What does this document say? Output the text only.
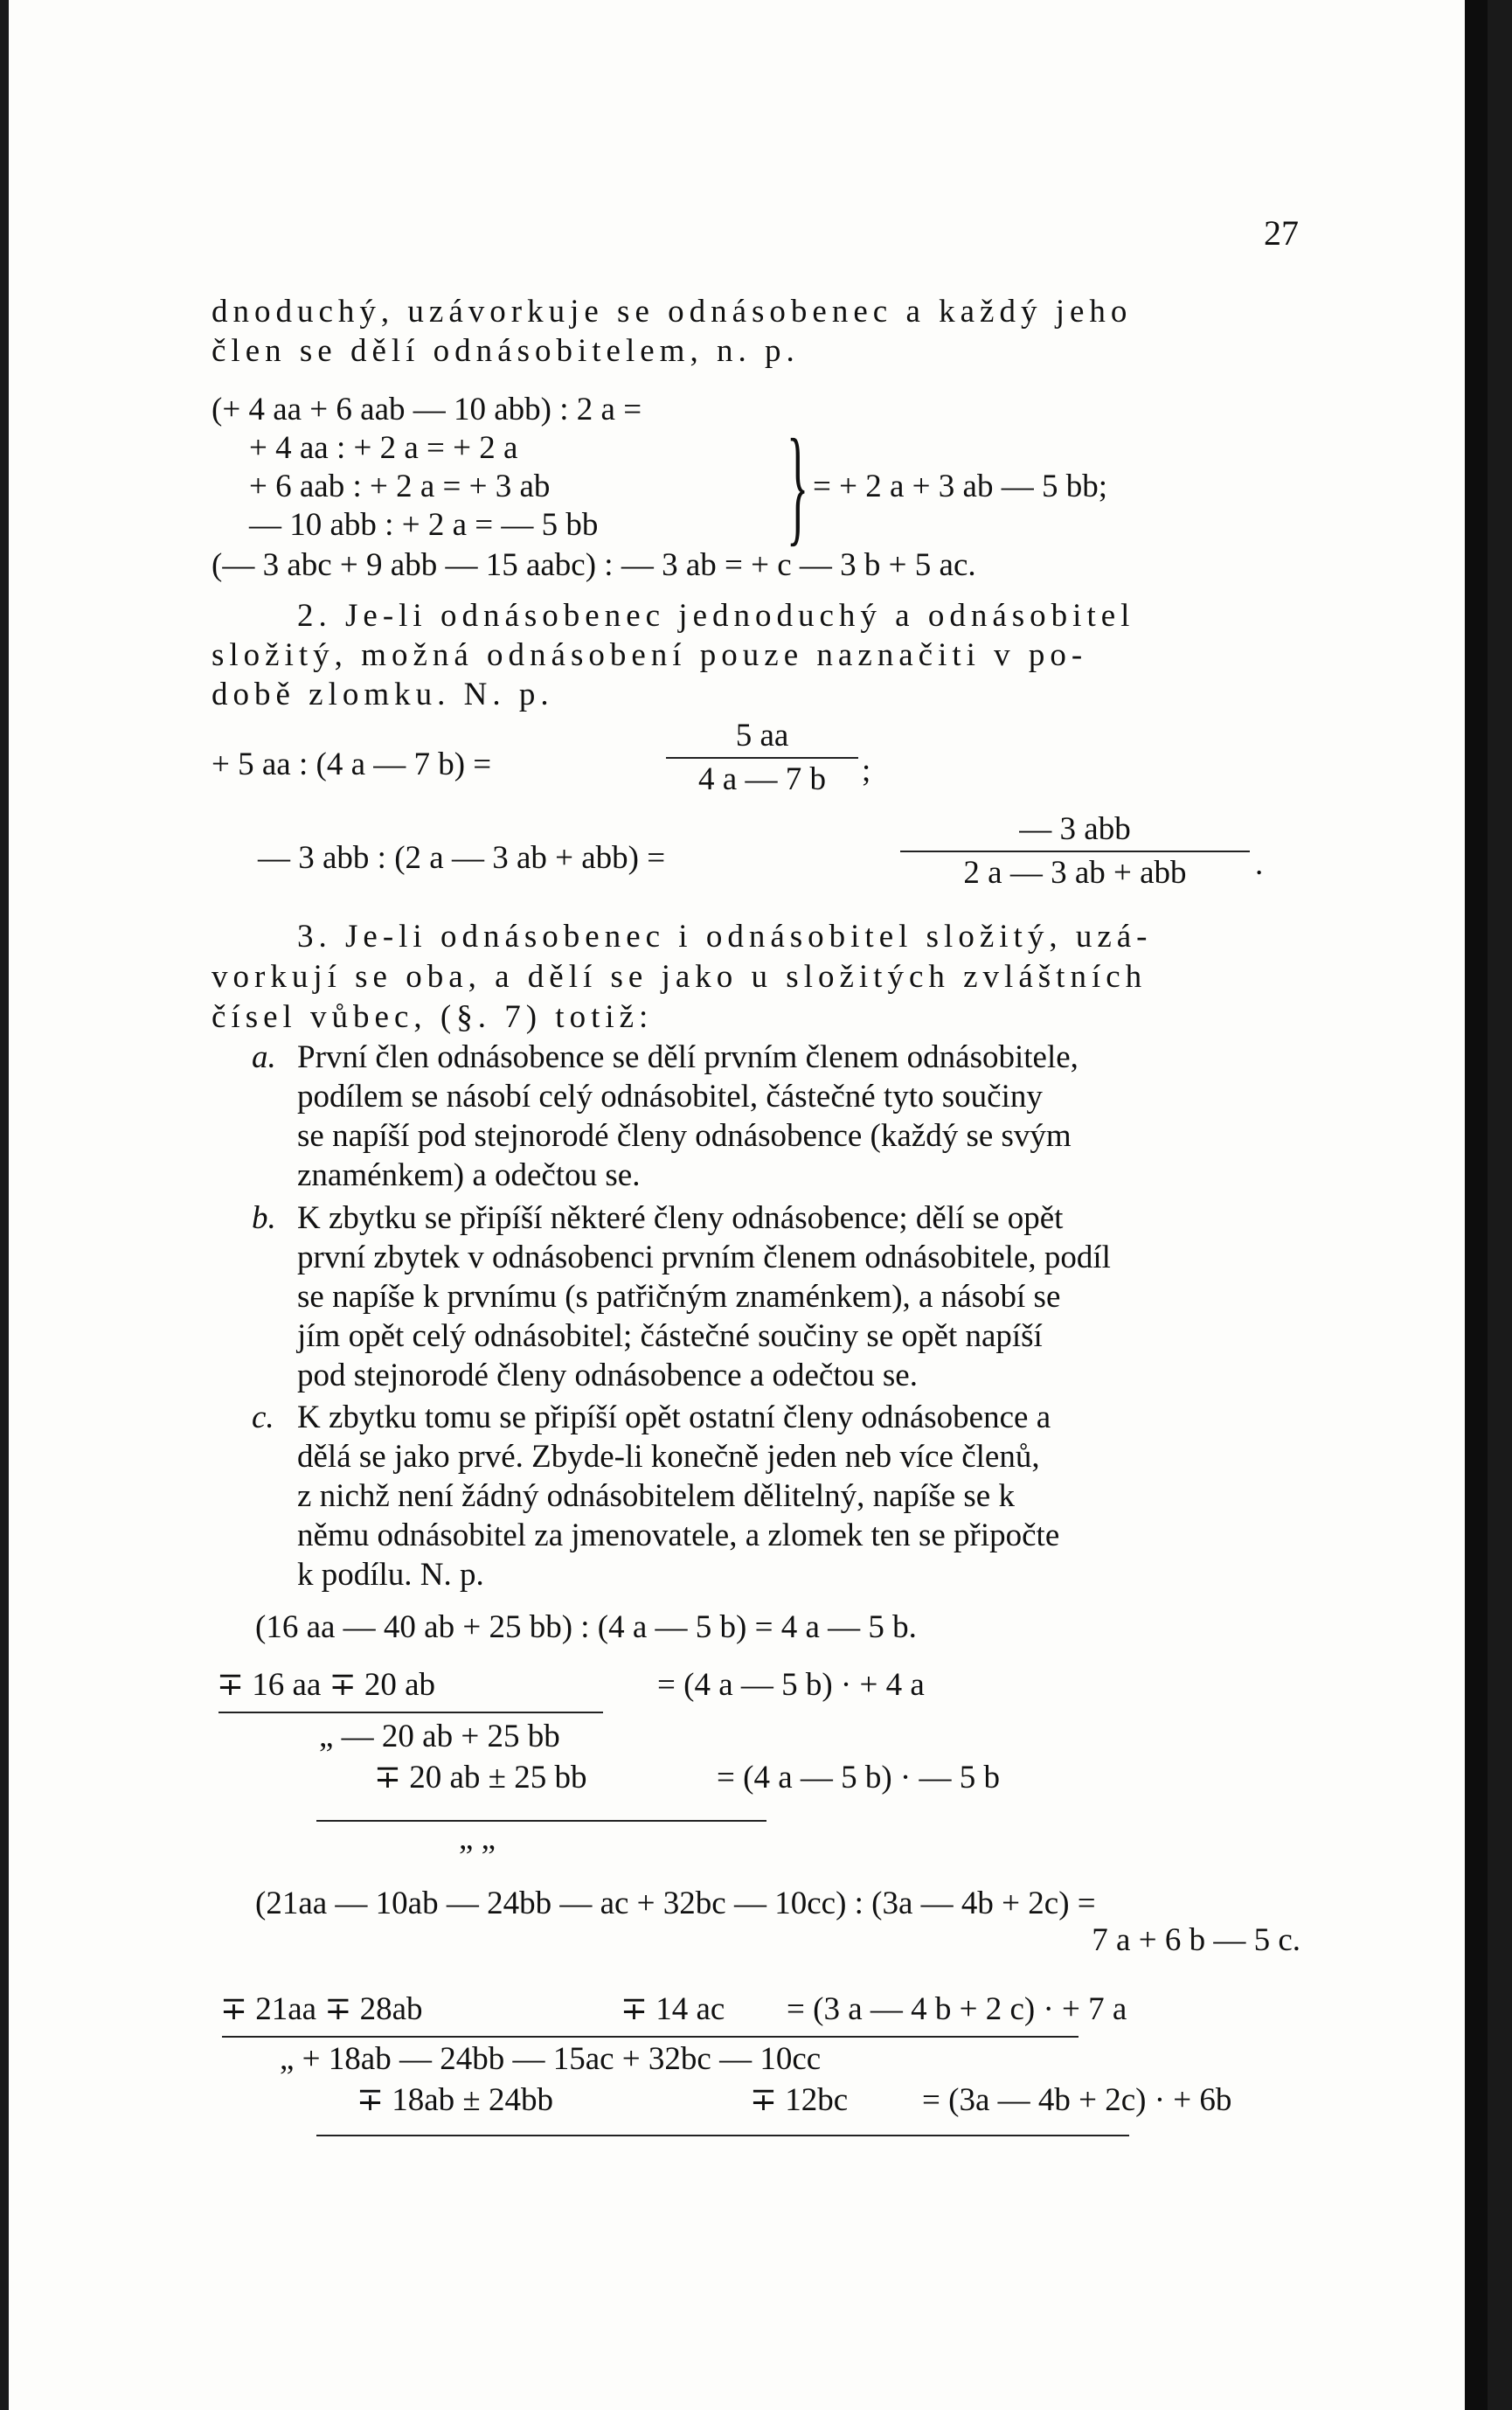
27
dnoduchý, uzávorkuje se odnásobenec a každý jeho
člen se dělí odnásobitelem, n. p.
(+ 4 aa + 6 aab — 10 abb) : 2 a =
+ 4 aa : + 2 a = + 2 a
+ 6 aab : + 2 a = + 3 ab
— 10 abb : + 2 a = — 5 bb } = + 2 a + 3 ab — 5 bb;
(— 3 abc + 9 abb — 15 aabc) : — 3 ab = + c — 3 b + 5 ac.
2. Je-li odnásobenec jednoduchý a odnásobitel
složitý, možná odnásobení pouze naznačiti v po-
době zlomku. N. p.
+ 5 aa : (4 a — 7 b) =
5 aa
4 a — 7 b	;
— 3 abb : (2 a — 3 ab + abb) =
— 3 abb
2 a — 3 ab + abb	.
3. Je-li odnásobenec i odnásobitel složitý, uzá-
vorkují se oba, a dělí se jako u složitých zvláštních
čísel vůbec, (§. 7) totiž:
a. První člen odnásobence se dělí prvním členem odnásobitele,
podílem se násobí celý odnásobitel, částečné tyto součiny
se napíší pod stejnorodé členy odnásobence (každý se svým
znaménkem) a odečtou se.
b. K zbytku se připíší některé členy odnásobence; dělí se opět
první zbytek v odnásobenci prvním členem odnásobitele, podíl
se napíše k prvnímu (s patřičným znaménkem), a násobí se
jím opět celý odnásobitel; částečné součiny se opět napíší
pod stejnorodé členy odnásobence a odečtou se.
c. K zbytku tomu se připíší opět ostatní členy odnásobence a
dělá se jako prvé. Zbyde-li konečně jeden neb více členů,
z nichž není žádný odnásobitelem dělitelný, napíše se k
němu odnásobitel za jmenovatele, a zlomek ten se připočte
k podílu. N. p.
(16 aa — 40 ab + 25 bb) : (4 a — 5 b) = 4 a — 5 b.
∓ 16 aa ∓ 20 ab	= (4 a — 5 b) · + 4 a
„ — 20 ab + 25 bb
∓ 20 ab ± 25 bb	= (4 a — 5 b) · — 5 b
„ „
(21aa — 10ab — 24bb — ac + 32bc — 10cc) : (3a — 4b + 2c) =
7 a + 6 b — 5 c.
∓ 21aa ∓ 28ab	∓ 14 ac = (3 a — 4 b + 2 c) · + 7 a
„ + 18ab — 24bb — 15ac + 32bc — 10cc
∓ 18ab ± 24bb	∓ 12bc = (3a — 4b + 2c) · + 6b
